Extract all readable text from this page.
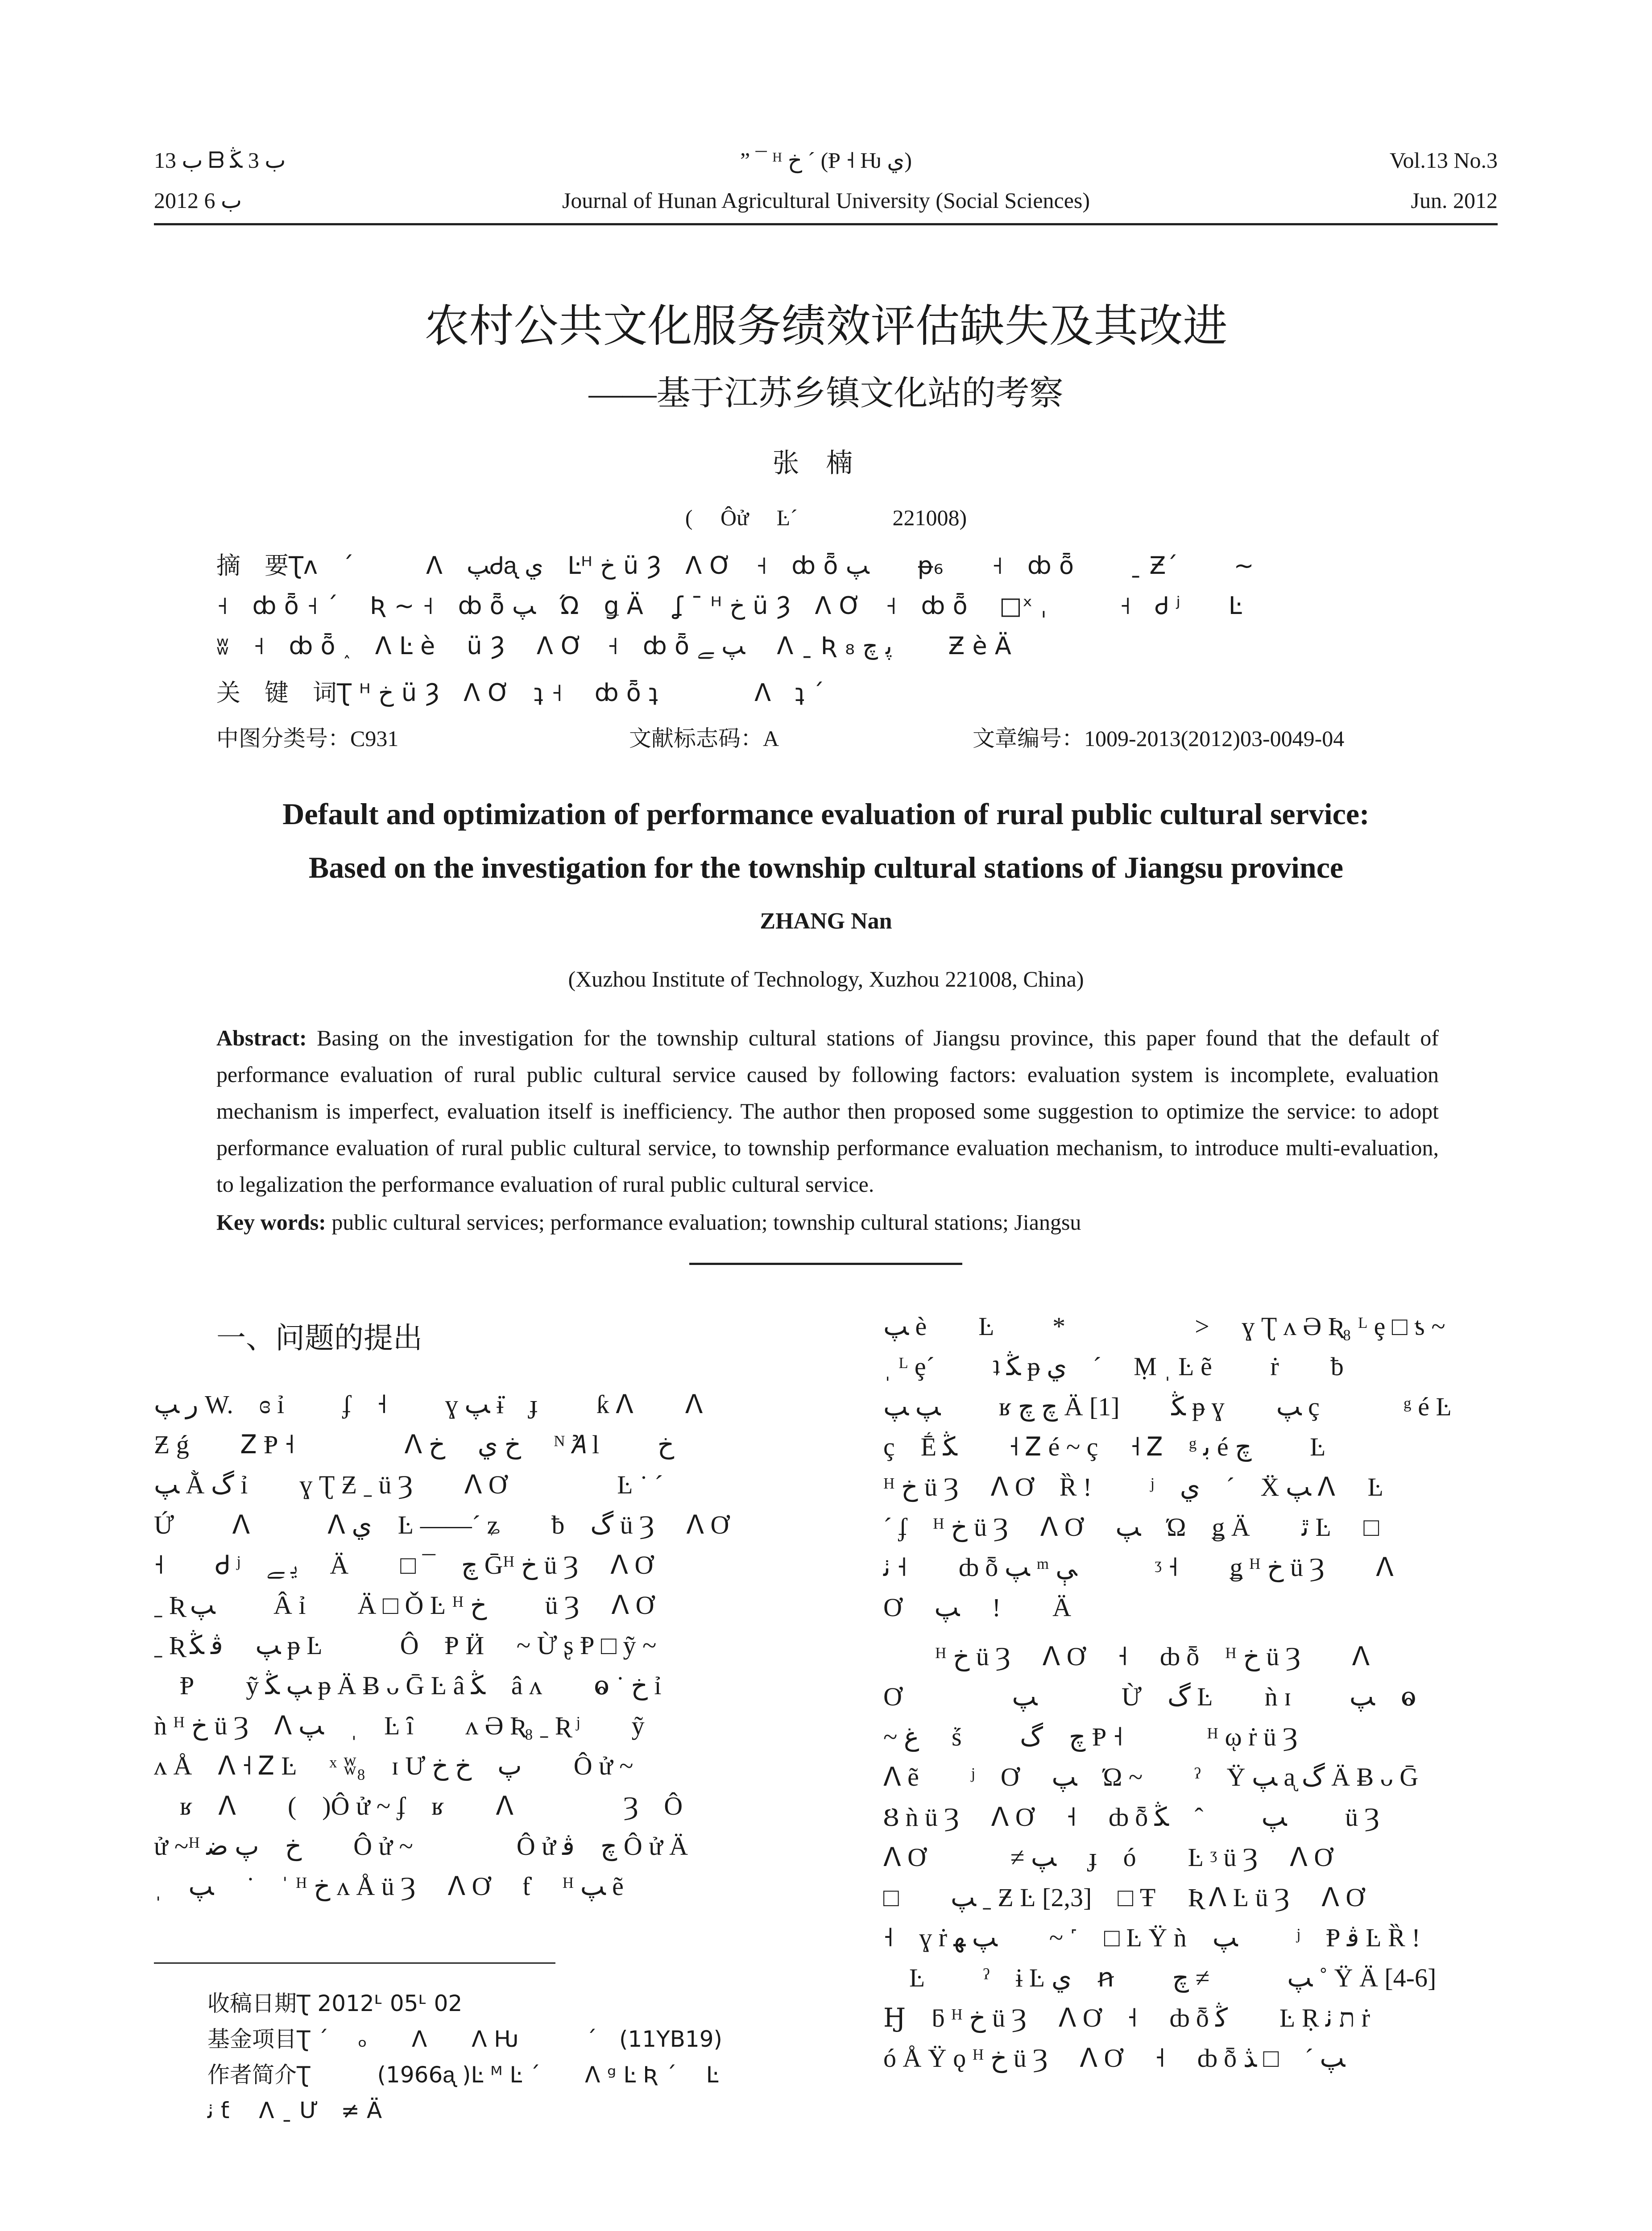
ب 13 ᗷ ب 3 ﯖ
2012 ب 6
” ¯ ᴴ خ ˊ (Ᵽ ˧ Ƕ ي)
Journal of Hunan Agricultural University (Social Sciences)
Vol.13 No.3
Jun. 2012
农村公共文化服务绩效评估缺失及其改进
——基于江苏乡镇文化站的考察
张楠
(　 Ôử　 Ŀˊ　　　　 221008)
摘　要Ʈᴧ　ˊ　　　ᐱ　ﭗᏧᶏ ي　Ŀᴴ خ ü Ȝ　ᐱ Ơ　˧　ȸ ȭ ﭗ　　ᵽ₆　　˧　ȸ ȭ　　 ˍ Ƶˊ　　 ~
˧　ȸ ȭ ˧ ˊ　 Ʀ ~ ˧　ȸ ȭ ﭗ　Ώ　ǥ Ä　 ʆ ¯ ᴴ خ ü Ȝ　ᐱ Ơ　˧　ȸ ȭ　 □ˣ ˌ　　　˧　Ꮷ ʲ　　Ŀ
ʬ　˧　ȸ ȭ ˰　ᐱ Ŀ è　 ü Ȝ　 ᐱ Ơ　˧　ȸ ȭ ﭗ ﮯ　 ᐱ ˍ Ʀ ﭘ ﭺ ₈　　 Ƶ è Ä
关　键　词Ʈ ᴴ خ ü Ȝ　ᐱ Ơ　ʇ ˧　 ȸ ȭ ʇ　　　　ᐱ　ʇ ˊ
中图分类号：C931	文献标志码：A	文章编号：1009-2013(2012)03-0049-04
Default and optimization of performance evaluation of rural public cultural service:
Based on the investigation for the township cultural stations of Jiangsu province
ZHANG Nan
(Xuzhou Institute of Technology, Xuzhou 221008, China)
Abstract: Basing on the investigation for the township cultural stations of Jiangsu province, this paper found that the default of performance evaluation of rural public cultural service caused by following factors: evaluation system is incomplete, evaluation mechanism is imperfect, evaluation itself is inefficiency. The author then proposed some suggestion to optimize the service: to adopt performance evaluation of rural public cultural service, to township performance evaluation mechanism, to introduce multi-evaluation, to legalization the performance evaluation of rural public cultural service.
Key words: public cultural services; performance evaluation; township cultural stations; Jiangsu
一、问题的提出
ﺭ ﭗ W.　ɞ ỉ　　 ʄ　˧　　 ɣ ﭗ ɨ̇　ɟ　　 ƙ ᐱ　　ᐱ
Ƶ ǵ　　Ꮓ Ᵽ ˧　　　　 ᐱ خ ي　 خ　 ᴺ Ꞻ l　　 خ
ﭗ Ằ گ ỉ　　ɣ Ʈ Ƶ ˍ ü Ȝ　　ᐱ Ơ　　　　 Ŀ ˙ ˊ
Ứ　　 ᐱ　　　ᐱ ي　Ŀ ——ˊ ʑ　　ƀ　گ ü Ȝ　 ᐱ Ơ
˧　　Ꮷ ʲ　ﯾ ﮯ　 Ä　　□ ¯　ﭺ Ḡᴴ خ ü Ȝ　 ᐱ Ơ
ˍ Ʀ ﭗ　　 Â ỉ　　Ä □ Ǒ Ŀ ᴴ خ　　 ü Ȝ　 ᐱ Ơ
ˍ Ʀ ﭗ　 ﭬ ﯖ ᵽ Ŀ　　　Ô　Ᵽ Ӥ　 ~ Ừ ʂ Ᵽ □ ỹ ~
　Ᵽ　　ỹ ﭗ ﯖ ᵽ Ä Ƀ ᴗ Ḡ Ŀ â ﯖ　â ᴧ　　ⱺ ˙ خ ỉ
ǹ ᴴ خ ü Ȝ　ᐱ ﭗ　ˌ　Ŀ ȋ　　ᴧ Ə Ʀ₈ ˍ Ʀ ʲ　　ỹ
ᴧ Å　ᐱ ˧ Ꮓ Ŀ　 ˣ ʬ₈　ɪ Ư ﭖ　خ خ　　Ô ử ~
　ʁ　ᐱ　　(　)Ô ử ~ ʄ　ʁ　　ᐱ　　　　 Ȝ　Ô
ử ~ᴴ خ　ﭖ ﺿ　　Ô ử ~　　　　Ô ử ﭺ　ﭬ Ô ử Ä
ˌ　ﭗ　 ˙　ˈ ᴴ خ ᴧ Å ü Ȝ　 ᐱ Ơ　 ƭ　 ᴴ ﭗ ẽ
ﭗ è　　Ŀ　　 *　　　　　>　 ɣ Ʈ ᴧ Ə Ʀ₈ ᴸ ȩ □ ƾ ~
ˌ ᴸ ȩˊ　　 ʇ ﯖ ᵽ ي　ˊ　 Ṃ ˌ Ŀ ẽ　　 ṙ　　ƀ
ﭗ ﭗ　　 ʁ ﭺ ﭺ Ä [1]　　ﯖ ᵽ ɣ　　ﭗ ç　　　 ᵍ é Ŀ
ç　Ḗ ﯖ　　˧ Ꮓ é ~ ç　 ˧ Ꮓ　ᵍ ﺑ é ﭺ　　 Ŀ
ᴴ خ ü Ȝ　 ᐱ Ơ　Ȑ ǃ　　 ʲ　ي　ˊ　Ẍ ﭗ ᐱ　 Ŀ
ˊ ʄ　ᴴ خ ü Ȝ　 ᐱ Ơ　 ﭗ　Ώ　ǥ Ä　　ﭤ Ŀ　 □
ﭠ ˧　　ȸ ȭ ﭗ ᵐ ﯥ　　　ᶾ ˧　　ǥ ᴴ خ ü Ȝ　　ᐱ
Ơ　 ﭗ　 !　　Ä
　　ᴴ خ ü Ȝ　 ᐱ Ơ　 ˧　 ȸ ȭ　ᴴ خ ü Ȝ　　ᐱ
Ơ　　　　 ﭗ　　　 Ừ　گ Ŀ　　ǹ ɪ　　 ﭗ　ⱺ
~ ﻍ　 ṥ　　 ﭺ　گ Ᵽ ˧　　　 ᴴ ῳ ṙ ü Ȝ
ᐱ ẽ　　ʲ　Ơ　 ﭗ　Ώ ~　　ˀ　Ÿ ﭗ ᶏ گ Ä Ƀ ᴗ Ḡ
Ȣ ǹ ü Ȝ　 ᐱ Ơ　 ˧　 ȸ ȭ ﭗ　　 ˆ　ﯖ　　 ü Ȝ
ᐱ Ơ　　　 ≠ ﭗ　 ɟ　ó　　Ŀ ᶾ ü Ȝ　 ᐱ Ơ
□　　ﭗ ˍ Ƶ Ŀ [2,3]　□ Ŧ　 Ʀ ᐱ Ŀ ü Ȝ　 ᐱ Ơ
˧　ɣ ṙ ﭗ ﮭ　　~ ˹　□ Ŀ Ÿ ǹ　ﭗ　　 ʲ　Ᵽ ﭬ Ŀ Ȑ ǃ
　Ŀ　　 ˀ　ɨ Ŀ ي　ꞥ　　 ﭗ　　　≠ ﭺ ˚ Ÿ Ä [4-6]
Ꜧ　ƃ ᴴ خ ü Ȝ　 ᐱ Ơ　˧　 ȸ ȭ ﯕ　　Ŀ Ṛ ת ﭠ ṙ
ó Å Ÿ ǫ ᴴ خ ü Ȝ　 ᐱ Ơ　 ˧　 ȸ ȭ ﭗ ˊ　□ ﮇ
收稿日期Ʈ 2012ᒻ 05ᒻ 02
基金项目Ʈ ˊ　 ₒ　　ᐱ　　ᐱ Ƕ　　　ˊ　(11YB19)
作者简介Ʈ　　　(1966ᶏ )Ŀ ᴹ Ŀ ˊ　　ᐱ ᵍ Ŀ Ʀ ˊ　 Ŀ
ﭠ ƭ　 ᐱ ˍ Ư　≠ Ä
